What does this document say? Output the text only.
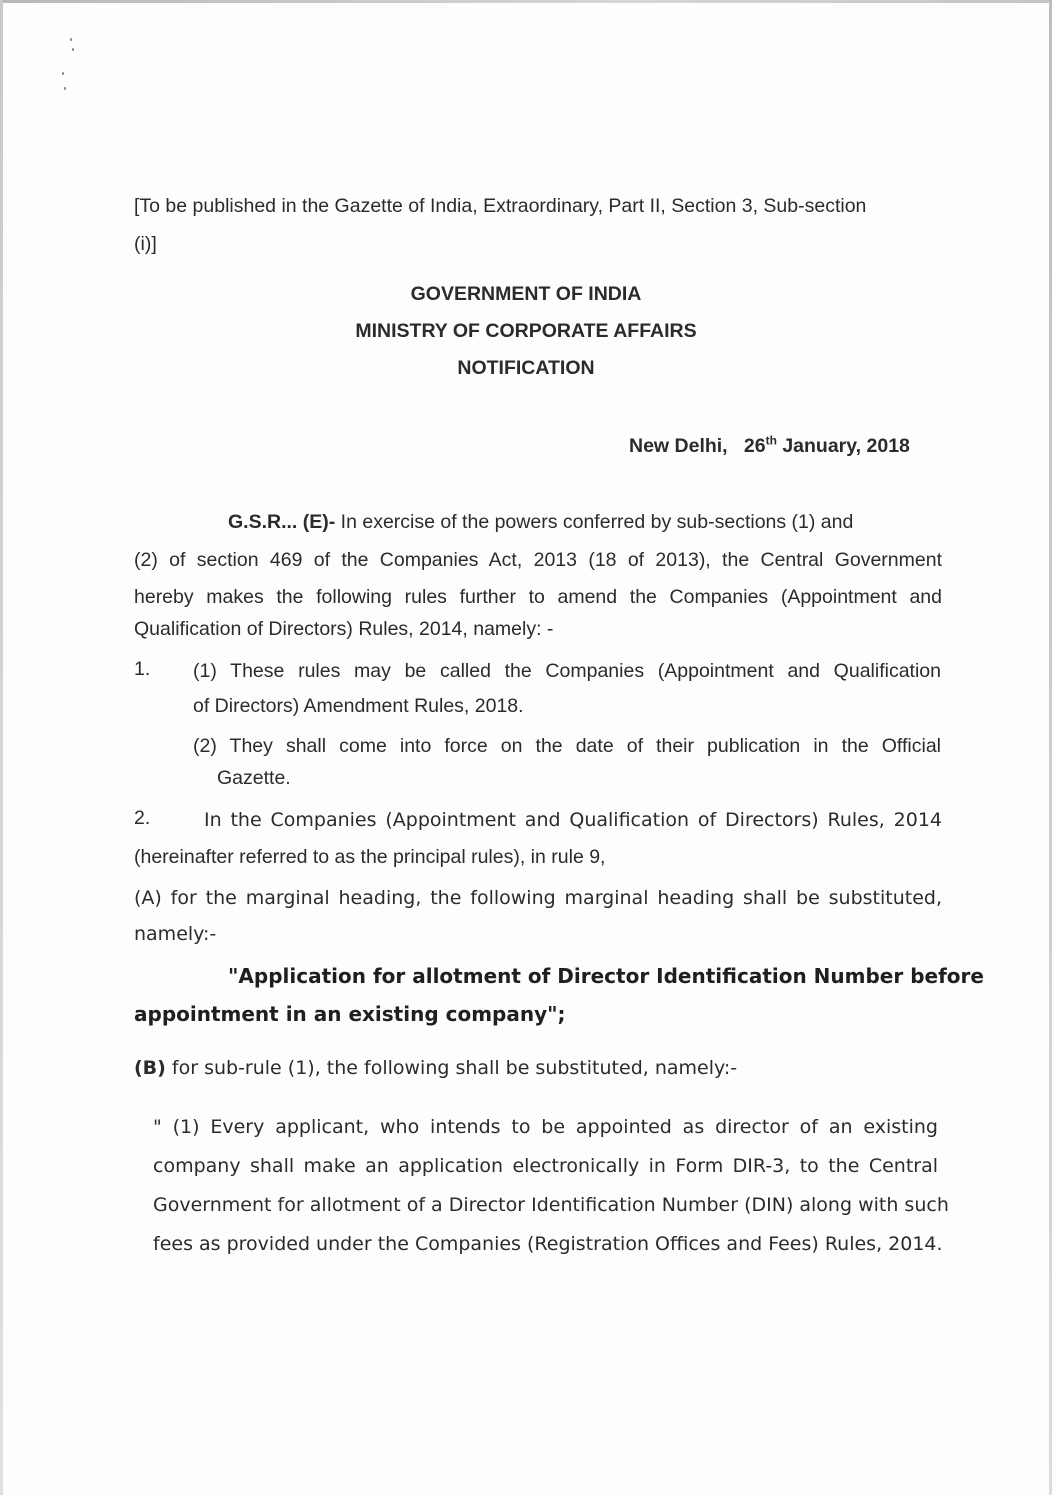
[To be published in the Gazette of India, Extraordinary, Part II, Section 3, Sub-section
(i)]
GOVERNMENT OF INDIA
MINISTRY OF CORPORATE AFFAIRS
NOTIFICATION
New Delhi, 26th January, 2018
G.S.R... (E)- In exercise of the powers conferred by sub-sections (1) and
(2) of section 469 of the Companies Act, 2013 (18 of 2013), the Central Government
hereby makes the following rules further to amend the Companies (Appointment and
Qualification of Directors) Rules, 2014, namely: -
1. (1) These rules may be called the Companies (Appointment and Qualification
of Directors) Amendment Rules, 2018.
(2) They shall come into force on the date of their publication in the Official
Gazette.
2.	In the Companies (Appointment and Qualification of Directors) Rules, 2014
(hereinafter referred to as the principal rules), in rule 9,
(A) for the marginal heading, the following marginal heading shall be substituted,
namely:-
"Application for allotment of Director Identification Number before
appointment in an existing company";
(B) for sub-rule (1), the following shall be substituted, namely:-
" (1) Every applicant, who intends to be appointed as director of an existing
company shall make an application electronically in Form DIR-3, to the Central
Government for allotment of a Director Identification Number (DIN) along with such
fees as provided under the Companies (Registration Offices and Fees) Rules, 2014.
